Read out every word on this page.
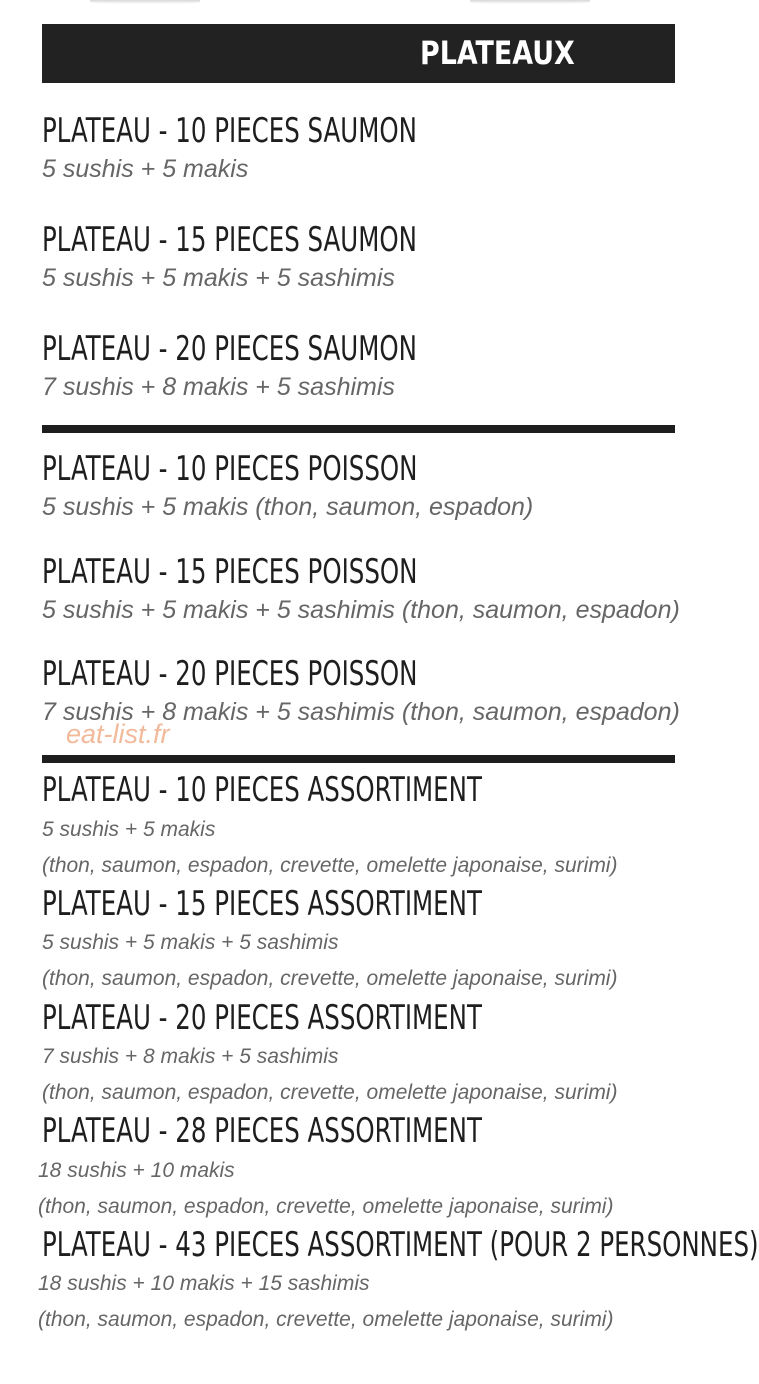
PLATEAUX
PLATEAU - 10 PIECES SAUMON
5 sushis + 5 makis
PLATEAU - 15 PIECES SAUMON
5 sushis + 5 makis + 5 sashimis
PLATEAU - 20 PIECES SAUMON
7 sushis + 8 makis + 5 sashimis
PLATEAU - 10 PIECES POISSON
5 sushis + 5 makis (thon, saumon, espadon)
PLATEAU - 15 PIECES POISSON
5 sushis + 5 makis + 5 sashimis (thon, saumon, espadon)
PLATEAU - 20 PIECES POISSON
7 sushis + 8 makis + 5 sashimis (thon, saumon, espadon)
eat-list.fr
PLATEAU - 10 PIECES ASSORTIMENT
5 sushis + 5 makis
(thon, saumon, espadon, crevette, omelette japonaise, surimi)
PLATEAU - 15 PIECES ASSORTIMENT
5 sushis + 5 makis + 5 sashimis
(thon, saumon, espadon, crevette, omelette japonaise, surimi)
PLATEAU - 20 PIECES ASSORTIMENT
7 sushis + 8 makis + 5 sashimis
(thon, saumon, espadon, crevette, omelette japonaise, surimi)
PLATEAU - 28 PIECES ASSORTIMENT
18 sushis + 10 makis
(thon, saumon, espadon, crevette, omelette japonaise, surimi)
PLATEAU - 43 PIECES ASSORTIMENT (POUR 2 PERSONNES)
18 sushis + 10 makis + 15 sashimis
(thon, saumon, espadon, crevette, omelette japonaise, surimi)
